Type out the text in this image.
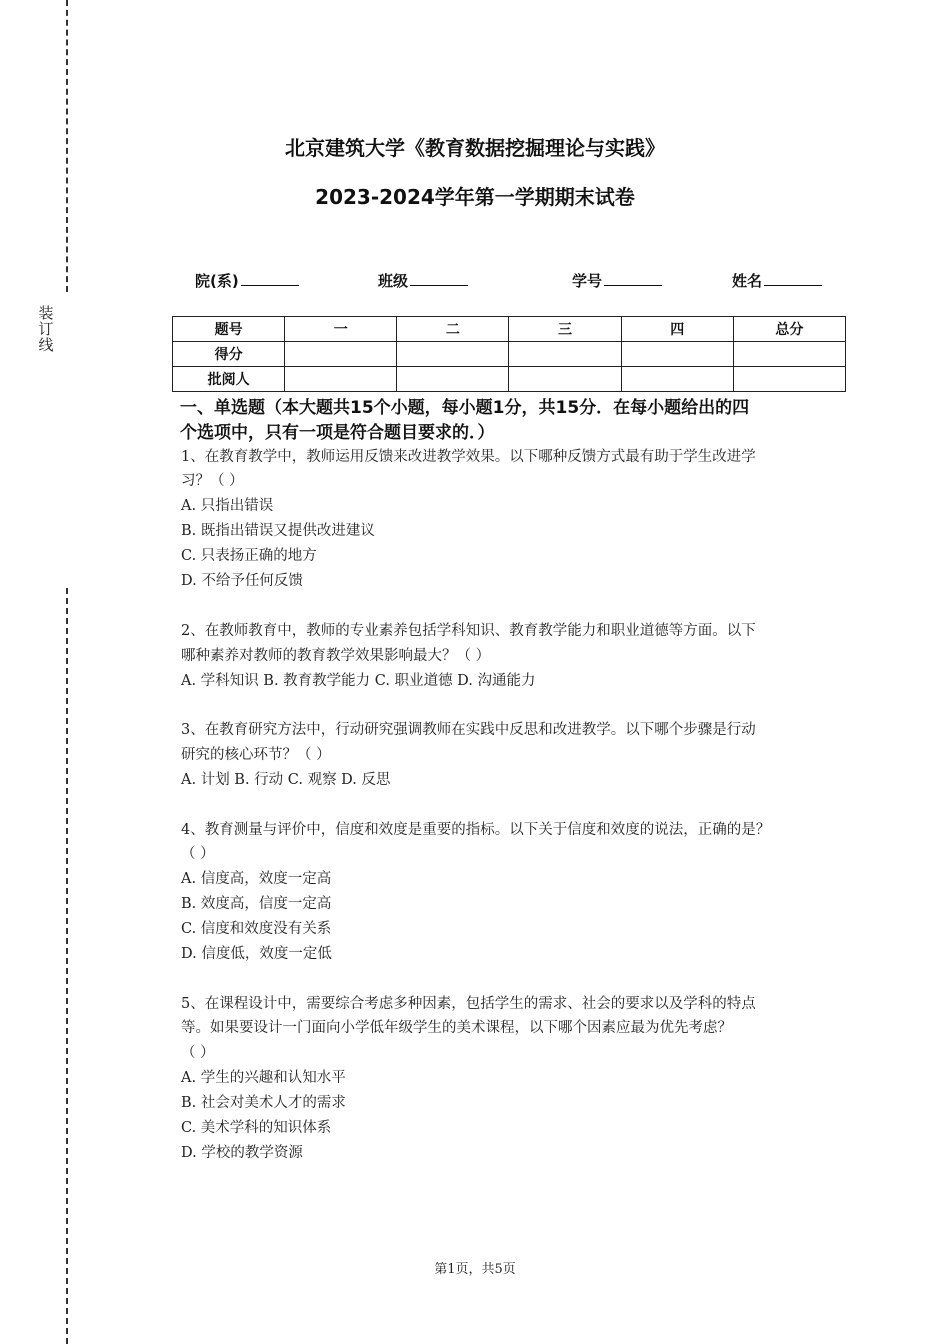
装
订
线
北京建筑大学《教育数据挖掘理论与实践》
2023-2024学年第一学期期末试卷
院(系)	班级	学号	姓名
题号	一	二	三	四	总分
得分					
批阅人					
一、单选题（本大题共15个小题，每小题1分，共15分．在每小题给出的四
个选项中，只有一项是符合题目要求的．）
1、在教育教学中，教师运用反馈来改进教学效果。以下哪种反馈方式最有助于学生改进学
习？（ ）
A. 只指出错误
B. 既指出错误又提供改进建议
C. 只表扬正确的地方
D. 不给予任何反馈
2、在教师教育中，教师的专业素养包括学科知识、教育教学能力和职业道德等方面。以下
哪种素养对教师的教育教学效果影响最大？（ ）
A. 学科知识 B. 教育教学能力 C. 职业道德 D. 沟通能力
3、在教育研究方法中，行动研究强调教师在实践中反思和改进教学。以下哪个步骤是行动
研究的核心环节？（ ）
A. 计划 B. 行动 C. 观察 D. 反思
4、教育测量与评价中，信度和效度是重要的指标。以下关于信度和效度的说法，正确的是？
（ ）
A. 信度高，效度一定高
B. 效度高，信度一定高
C. 信度和效度没有关系
D. 信度低，效度一定低
5、在课程设计中，需要综合考虑多种因素，包括学生的需求、社会的要求以及学科的特点
等。如果要设计一门面向小学低年级学生的美术课程，以下哪个因素应最为优先考虑？
（ ）
A. 学生的兴趣和认知水平
B. 社会对美术人才的需求
C. 美术学科的知识体系
D. 学校的教学资源
第1页，共5页
